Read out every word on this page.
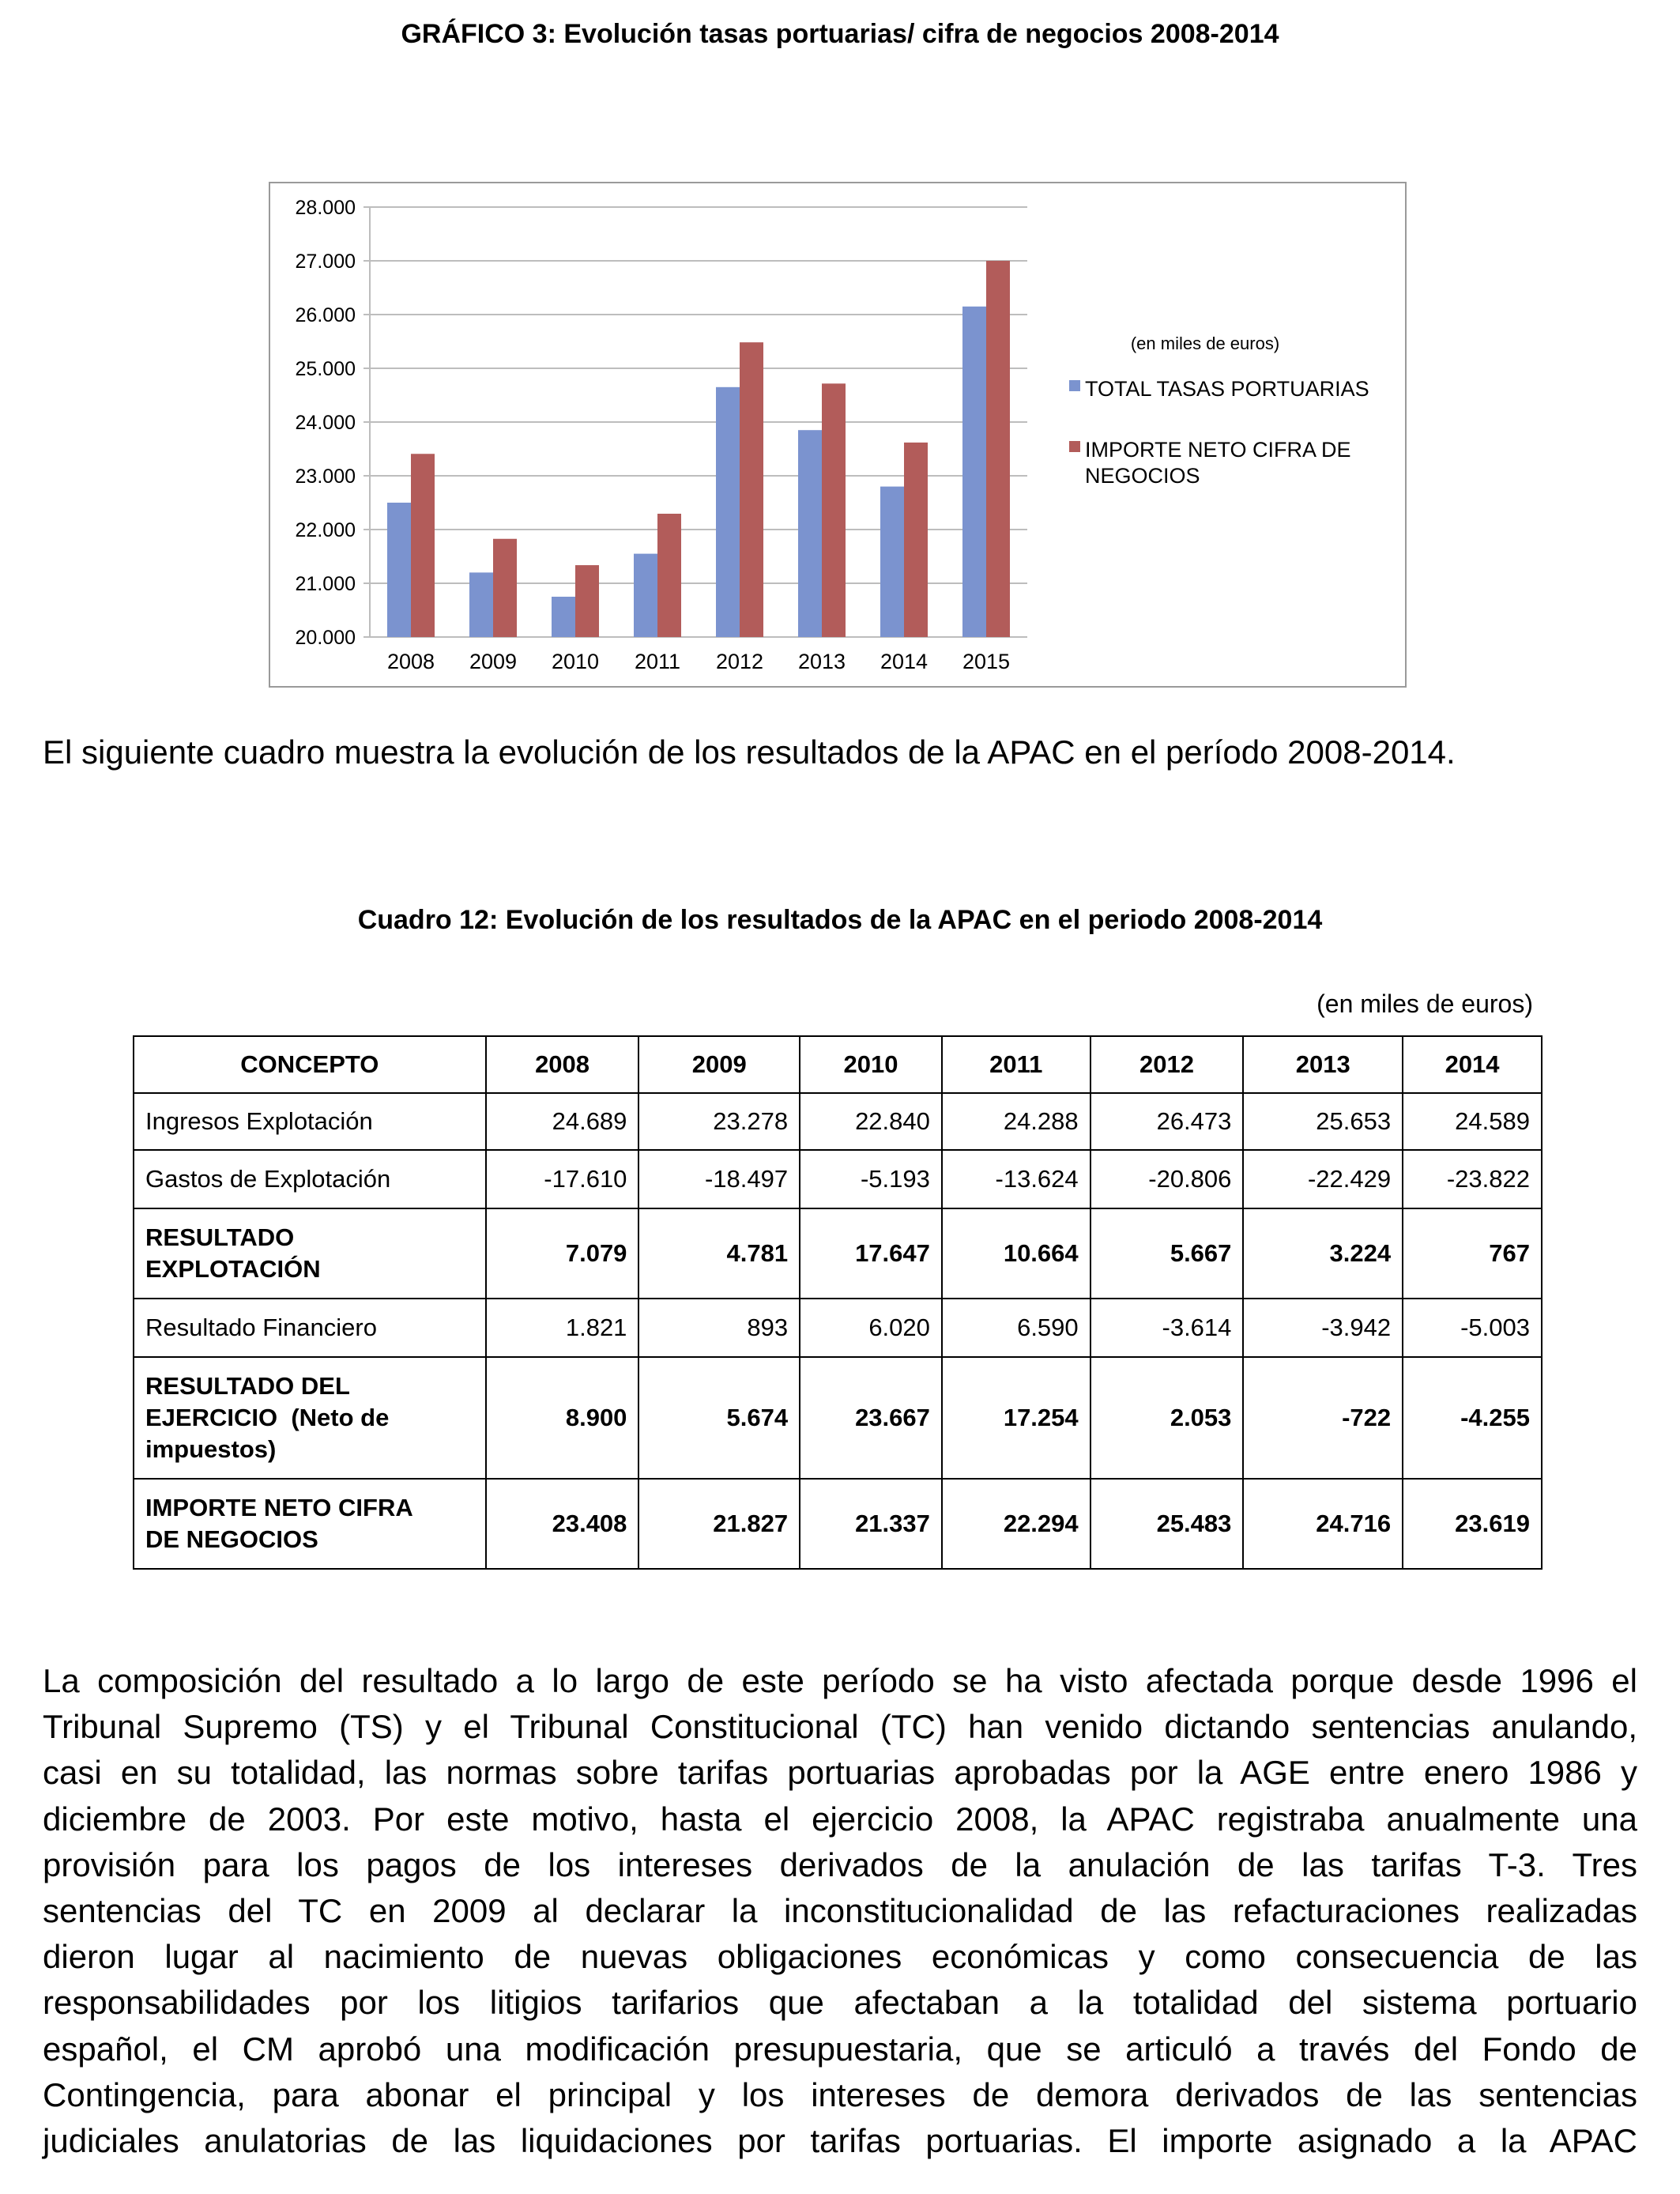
GRÁFICO 3: Evolución tasas portuarias/ cifra de negocios 2008-2014
20.000
21.000
22.000
23.000
24.000
25.000
26.000
27.000
28.000
2008 2009 2010 2011 2012 2013 2014 2015
(en miles de euros)
TOTAL TASAS PORTUARIAS
IMPORTE NETO CIFRA DE
NEGOCIOS
El siguiente cuadro muestra la evolución de los resultados de la APAC en el período 2008-2014.
Cuadro 12: Evolución de los resultados de la APAC en el periodo 2008-2014
(en miles de euros)
CONCEPTO	2008	2009	2010	2011	2012	2013	2014

Ingresos Explotación	24.689	23.278	22.840	24.288	26.473	25.653	24.589

Gastos de Explotación	-17.610	-18.497	-5.193	-13.624	-20.806	-22.429	-23.822

RESULTADO
EXPLOTACIÓN	7.079	4.781	17.647	10.664	5.667	3.224	767

Resultado Financiero	1.821	893	6.020	6.590	-3.614	-3.942	-5.003

RESULTADO DEL
EJERCICIO  (Neto de
impuestos)	8.900	5.674	23.667	17.254	2.053	-722	-4.255

IMPORTE NETO CIFRA
DE NEGOCIOS	23.408	21.827	21.337	22.294	25.483	24.716	23.619
La composición del resultado a lo largo de este período se ha visto afectada porque desde 1996 el
Tribunal Supremo (TS) y el Tribunal Constitucional (TC) han venido dictando sentencias anulando,
casi en su totalidad, las normas sobre tarifas portuarias aprobadas por la AGE entre enero 1986 y
diciembre de 2003. Por este motivo, hasta el ejercicio 2008, la APAC registraba anualmente una
provisión para los pagos de los intereses derivados de la anulación de las tarifas T-3. Tres
sentencias del TC en 2009 al declarar la inconstitucionalidad de las refacturaciones realizadas
dieron lugar al nacimiento de nuevas obligaciones económicas y como consecuencia de las
responsabilidades por los litigios tarifarios que afectaban a la totalidad del sistema portuario
español, el CM aprobó una modificación presupuestaria, que se articuló a través del Fondo de
Contingencia, para abonar el principal y los intereses de demora derivados de las sentencias
judiciales anulatorias de las liquidaciones por tarifas portuarias. El importe asignado a la APAC
